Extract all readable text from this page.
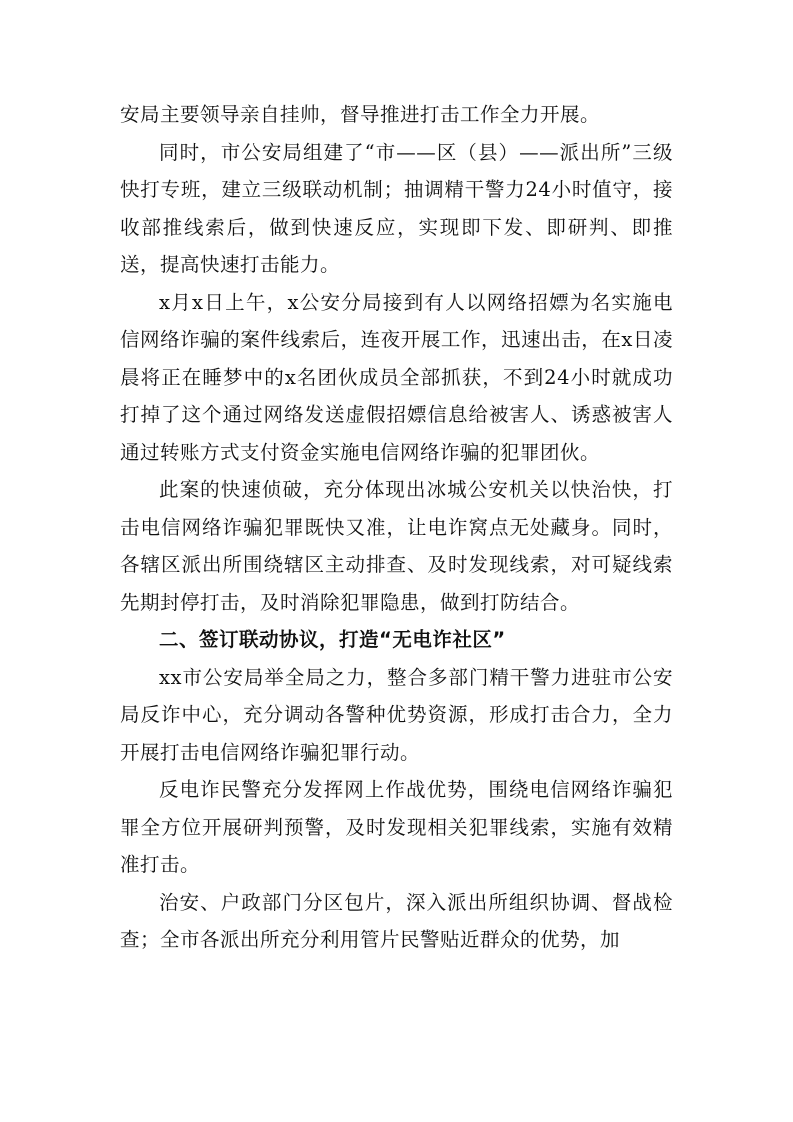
安局主要领导亲自挂帅，督导推进打击工作全力开展。

同时，市公安局组建了“市——区（县）——派出所”三级快打专班，建立三级联动机制；抽调精干警力24小时值守，接收部推线索后，做到快速反应，实现即下发、即研判、即推送，提高快速打击能力。

x月x日上午，x公安分局接到有人以网络招嫖为名实施电信网络诈骗的案件线索后，连夜开展工作，迅速出击，在x日凌晨将正在睡梦中的x名团伙成员全部抓获，不到24小时就成功打掉了这个通过网络发送虚假招嫖信息给被害人、诱惑被害人通过转账方式支付资金实施电信网络诈骗的犯罪团伙。

此案的快速侦破，充分体现出冰城公安机关以快治快，打击电信网络诈骗犯罪既快又准，让电诈窝点无处藏身。同时，各辖区派出所围绕辖区主动排查、及时发现线索，对可疑线索先期封停打击，及时消除犯罪隐患，做到打防结合。

二、签订联动协议，打造“无电诈社区”

xx市公安局举全局之力，整合多部门精干警力进驻市公安局反诈中心，充分调动各警种优势资源，形成打击合力，全力开展打击电信网络诈骗犯罪行动。

反电诈民警充分发挥网上作战优势，围绕电信网络诈骗犯罪全方位开展研判预警，及时发现相关犯罪线索，实施有效精准打击。

治安、户政部门分区包片，深入派出所组织协调、督战检查；全市各派出所充分利用管片民警贴近群众的优势，加
